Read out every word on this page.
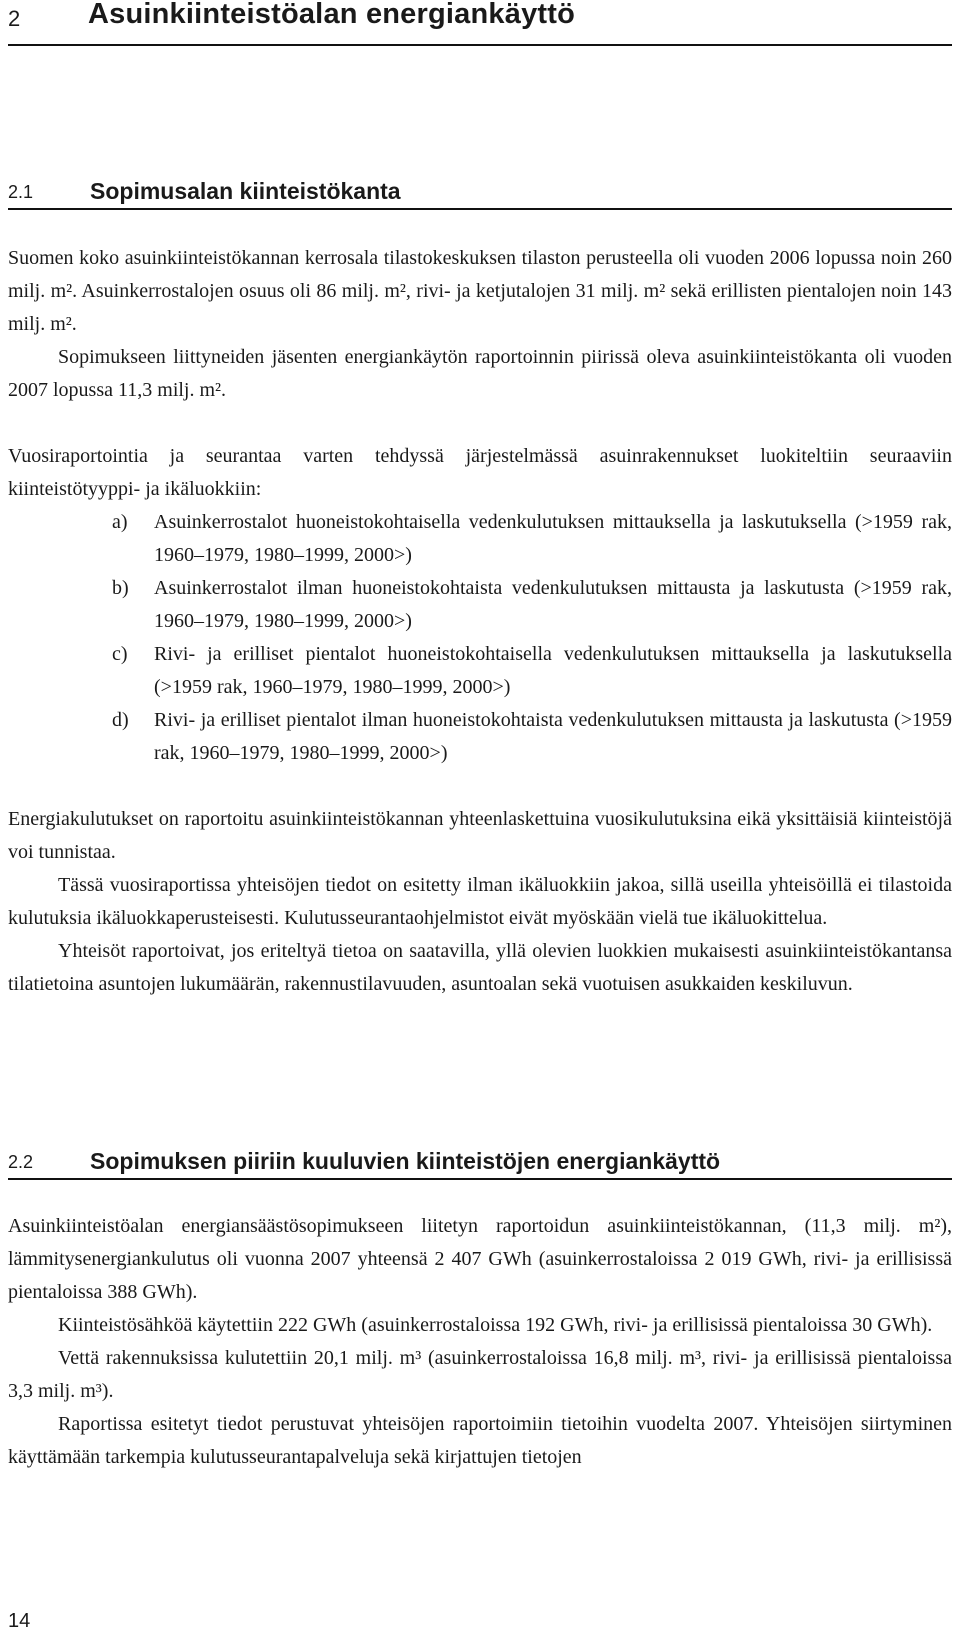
2 Asuinkiinteistöalan energiankäyttö
2.1 Sopimusalan kiinteistökanta

Suomen koko asuinkiinteistökannan kerrosala tilastokeskuksen tilaston perusteella oli vuoden 2006 lopussa noin 260 milj. m². Asuinkerrostalojen osuus oli 86 milj. m², rivi- ja ketjutalojen 31 milj. m² sekä erillisten pientalojen noin 143 milj. m².

Sopimukseen liittyneiden jäsenten energiankäytön raportoinnin piirissä oleva asuinkiinteistökanta oli vuoden 2007 lopussa 11,3 milj. m².

Vuosiraportointia ja seurantaa varten tehdyssä järjestelmässä asuinrakennukset luokiteltiin seuraaviin kiinteistötyyppi- ja ikäluokkiin:

a) Asuinkerrostalot huoneistokohtaisella vedenkulutuksen mittauksella ja laskutuksella (>1959 rak, 1960–1979, 1980–1999, 2000>)
b) Asuinkerrostalot ilman huoneistokohtaista vedenkulutuksen mittausta ja laskutusta (>1959 rak, 1960–1979, 1980–1999, 2000>)
c) Rivi- ja erilliset pientalot huoneistokohtaisella vedenkulutuksen mittauksella ja laskutuksella (>1959 rak, 1960–1979, 1980–1999, 2000>)
d) Rivi- ja erilliset pientalot ilman huoneistokohtaista vedenkulutuksen mittausta ja laskutusta (>1959 rak, 1960–1979, 1980–1999, 2000>)

Energiakulutukset on raportoitu asuinkiinteistökannan yhteenlaskettuina vuosikulutuksina eikä yksittäisiä kiinteistöjä voi tunnistaa.

Tässä vuosiraportissa yhteisöjen tiedot on esitetty ilman ikäluokkiin jakoa, sillä useilla yhteisöillä ei tilastoida kulutuksia ikäluokkaperusteisesti. Kulutusseurantaohjelmistot eivät myöskään vielä tue ikäluokittelua.

Yhteisöt raportoivat, jos eriteltyä tietoa on saatavilla, yllä olevien luokkien mukaisesti asuinkiinteistökantansa tilatietoina asuntojen lukumäärän, rakennustilavuuden, asuntoalan sekä vuotuisen asukkaiden keskiluvun.

2.2 Sopimuksen piiriin kuuluvien kiinteistöjen energiankäyttö

Asuinkiinteistöalan energiansäästösopimukseen liitetyn raportoidun asuinkiinteistökannan, (11,3 milj. m²), lämmitysenergiankulutus oli vuonna 2007 yhteensä 2 407 GWh (asuinkerrostaloissa 2 019 GWh, rivi- ja erillisissä pientaloissa 388 GWh).

Kiinteistösähköä käytettiin 222 GWh (asuinkerrostaloissa 192 GWh, rivi- ja erillisissä pientaloissa 30 GWh).

Vettä rakennuksissa kulutettiin 20,1 milj. m³ (asuinkerrostaloissa 16,8 milj. m³, rivi- ja erillisissä pientaloissa 3,3 milj. m³).

Raportissa esitetyt tiedot perustuvat yhteisöjen raportoimiin tietoihin vuodelta 2007. Yhteisöjen siirtyminen käyttämään tarkempia kulutusseurantapalveluja sekä kirjattujen tietojen

14
